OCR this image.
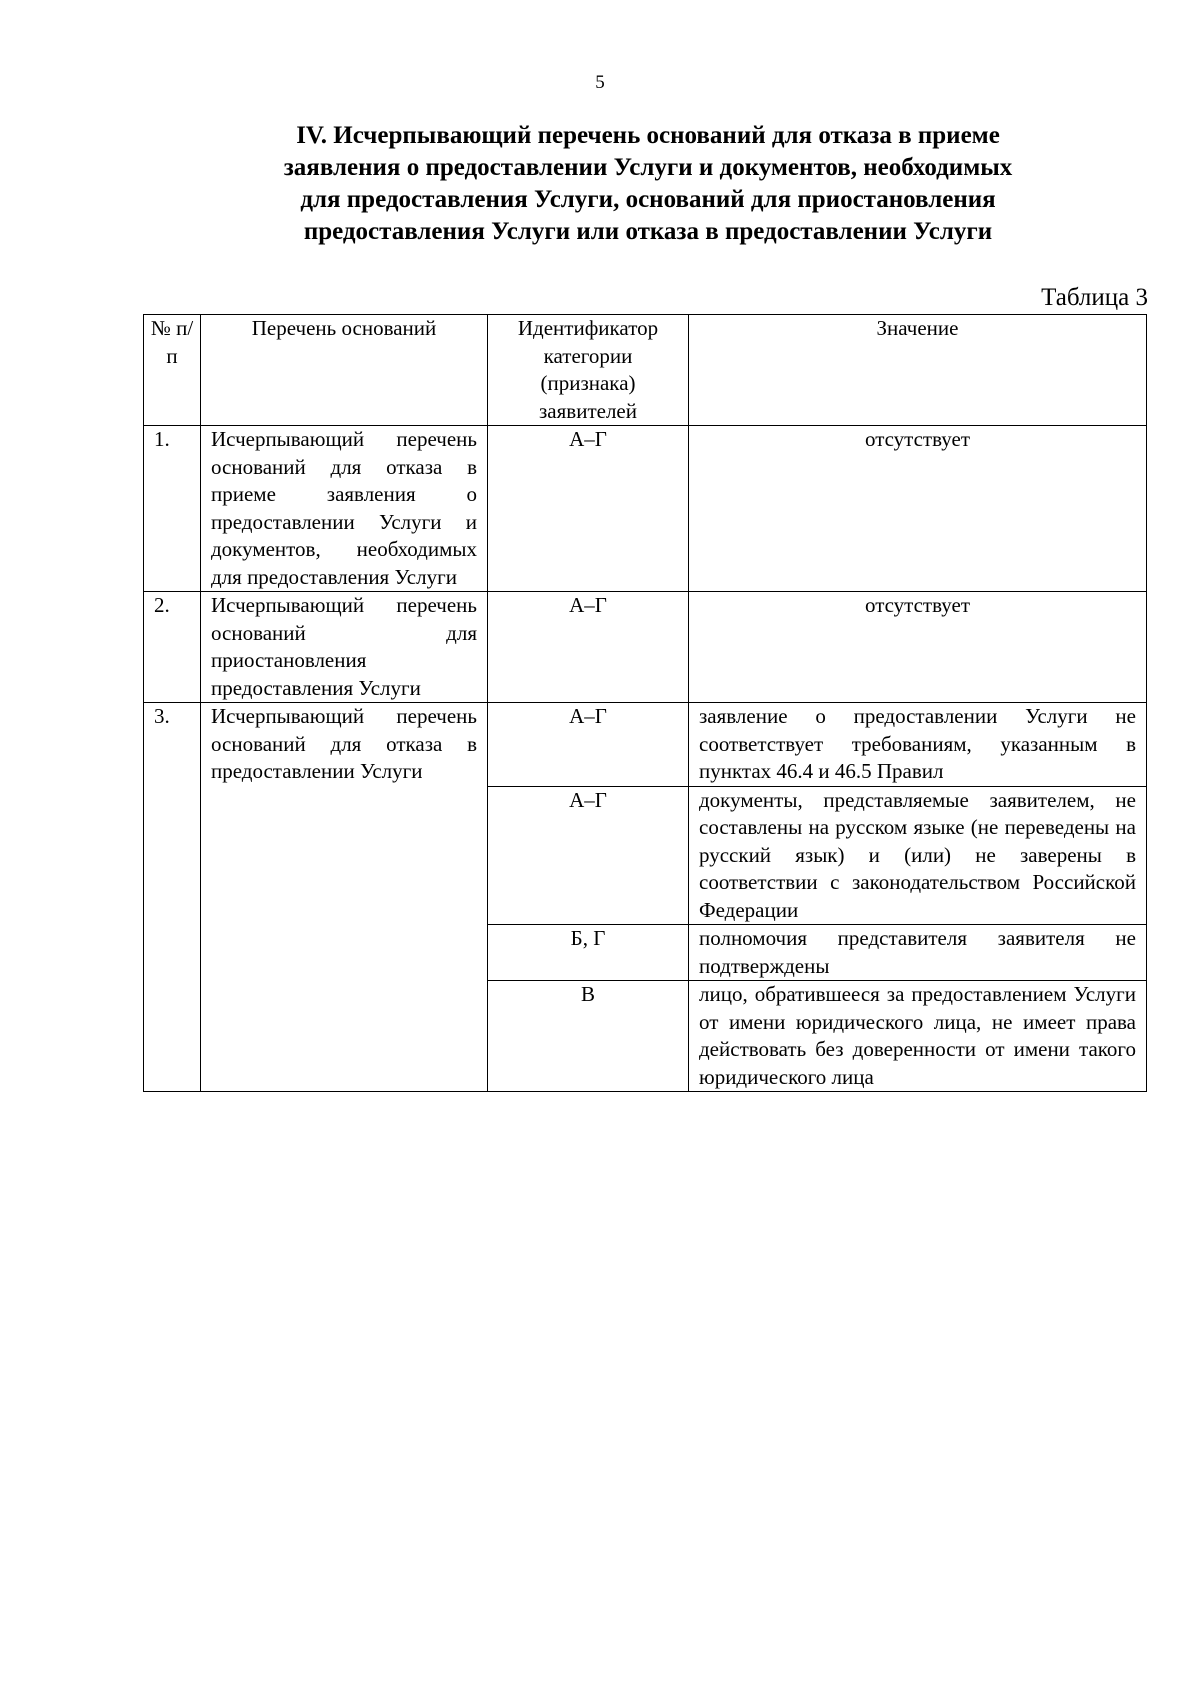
5
IV. Исчерпывающий перечень оснований для отказа в приеме
заявления о предоставлении Услуги и документов, необходимых
для предоставления Услуги, оснований для приостановления
предоставления Услуги или отказа в предоставлении Услуги
Таблица 3
№ п/п	Перечень оснований	Идентификатор категории (признака) заявителей	Значение
1.	Исчерпывающий перечень оснований для отказа в приеме заявления о предоставлении Услуги и документов, необходимых для предоставления Услуги	А–Г	отсутствует
2.	Исчерпывающий перечень оснований для приостановления предоставления Услуги	А–Г	отсутствует
3.	Исчерпывающий перечень оснований для отказа в предоставлении Услуги	А–Г	заявление о предоставлении Услуги не соответствует требованиям, указанным в пунктах 46.4 и 46.5 Правил
		А–Г	документы, представляемые заявителем, не составлены на русском языке (не переведены на русский язык) и (или) не заверены в соответствии с законодательством Российской Федерации
		Б, Г	полномочия представителя заявителя не подтверждены
		В	лицо, обратившееся за предоставлением Услуги от имени юридического лица, не имеет права действовать без доверенности от имени такого юридического лица
